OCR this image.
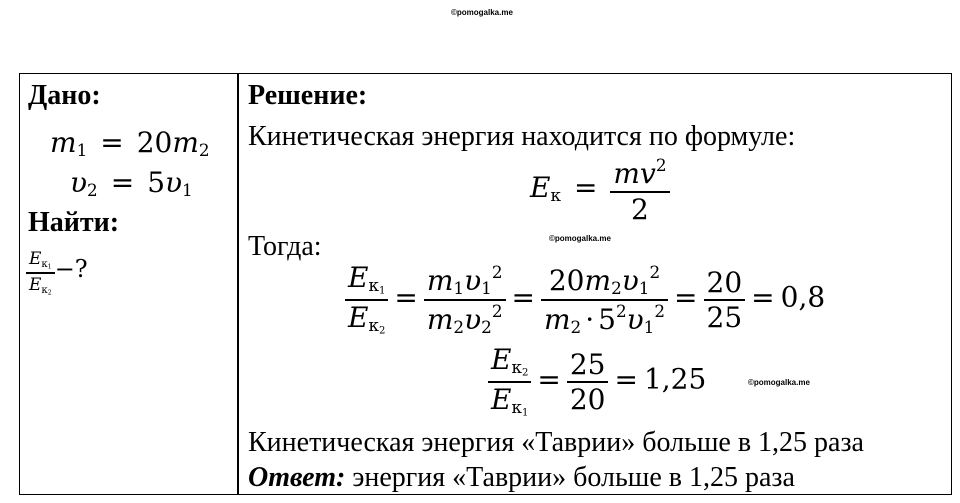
©pomogalka.me
©pomogalka.me
©pomogalka.me
Дано:
$m_1 = 20m_2$
$\upsilon_2 = 5\upsilon_1$
Найти:
$\frac{E_{к_1}}{E_{к_2}}$ −?
Решение:
Кинетическая энергия находится по формуле:
$E_к = \frac{mv^2}{2}$
Тогда:
$\frac{E_{к_1}}{E_{к_2}} = \frac{m_1\upsilon_1^2}{m_2\upsilon_2^2} = \frac{20m_2\upsilon_1^2}{m_2 \cdot 5^2\upsilon_1^2} = \frac{20}{25} = 0,8$
$\frac{E_{к_2}}{E_{к_1}} = \frac{25}{20} = 1,25$
Кинетическая энергия «Таврии» больше в 1,25 раза
Ответ: энергия «Таврии» больше в 1,25 раза
